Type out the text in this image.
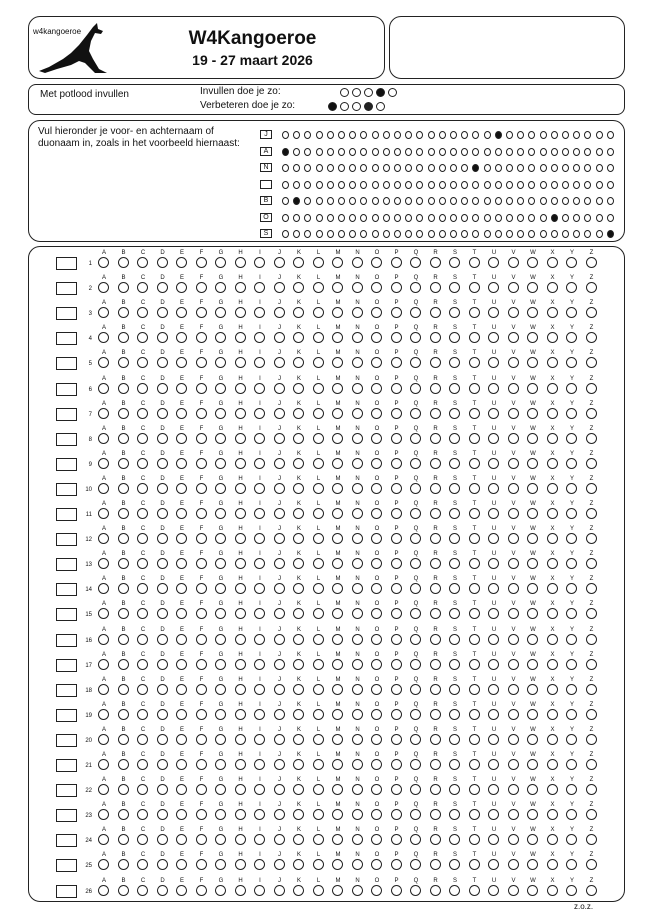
w4kangoeroe	W4Kangoeroe
19 - 27 maart 2026
Met potlood invullen	Invullen doe je zo:
Verbeteren doe je zo:
Vul hieronder je voor- en achternaam of duonaam in, zoals in het voorbeeld hiernaast:
J
A
N
B
O
S
1
A	B	C	D	E	F	G	H	I	J	K	L	M	N	O	P	Q	R	S	T	U	V	W	X	Y	Z
2
A	B	C	D	E	F	G	H	I	J	K	L	M	N	O	P	Q	R	S	T	U	V	W	X	Y	Z
3
A	B	C	D	E	F	G	H	I	J	K	L	M	N	O	P	Q	R	S	T	U	V	W	X	Y	Z
4
A	B	C	D	E	F	G	H	I	J	K	L	M	N	O	P	Q	R	S	T	U	V	W	X	Y	Z
5
A	B	C	D	E	F	G	H	I	J	K	L	M	N	O	P	Q	R	S	T	U	V	W	X	Y	Z
6
A	B	C	D	E	F	G	H	I	J	K	L	M	N	O	P	Q	R	S	T	U	V	W	X	Y	Z
7
A	B	C	D	E	F	G	H	I	J	K	L	M	N	O	P	Q	R	S	T	U	V	W	X	Y	Z
8
A	B	C	D	E	F	G	H	I	J	K	L	M	N	O	P	Q	R	S	T	U	V	W	X	Y	Z
9
A	B	C	D	E	F	G	H	I	J	K	L	M	N	O	P	Q	R	S	T	U	V	W	X	Y	Z
10
A	B	C	D	E	F	G	H	I	J	K	L	M	N	O	P	Q	R	S	T	U	V	W	X	Y	Z
11
A	B	C	D	E	F	G	H	I	J	K	L	M	N	O	P	Q	R	S	T	U	V	W	X	Y	Z
12
A	B	C	D	E	F	G	H	I	J	K	L	M	N	O	P	Q	R	S	T	U	V	W	X	Y	Z
13
A	B	C	D	E	F	G	H	I	J	K	L	M	N	O	P	Q	R	S	T	U	V	W	X	Y	Z
14
A	B	C	D	E	F	G	H	I	J	K	L	M	N	O	P	Q	R	S	T	U	V	W	X	Y	Z
15
A	B	C	D	E	F	G	H	I	J	K	L	M	N	O	P	Q	R	S	T	U	V	W	X	Y	Z
16
A	B	C	D	E	F	G	H	I	J	K	L	M	N	O	P	Q	R	S	T	U	V	W	X	Y	Z
17
A	B	C	D	E	F	G	H	I	J	K	L	M	N	O	P	Q	R	S	T	U	V	W	X	Y	Z
18
A	B	C	D	E	F	G	H	I	J	K	L	M	N	O	P	Q	R	S	T	U	V	W	X	Y	Z
19
A	B	C	D	E	F	G	H	I	J	K	L	M	N	O	P	Q	R	S	T	U	V	W	X	Y	Z
20
A	B	C	D	E	F	G	H	I	J	K	L	M	N	O	P	Q	R	S	T	U	V	W	X	Y	Z
21
A	B	C	D	E	F	G	H	I	J	K	L	M	N	O	P	Q	R	S	T	U	V	W	X	Y	Z
22
A	B	C	D	E	F	G	H	I	J	K	L	M	N	O	P	Q	R	S	T	U	V	W	X	Y	Z
23
A	B	C	D	E	F	G	H	I	J	K	L	M	N	O	P	Q	R	S	T	U	V	W	X	Y	Z
24
A	B	C	D	E	F	G	H	I	J	K	L	M	N	O	P	Q	R	S	T	U	V	W	X	Y	Z
25
A	B	C	D	E	F	G	H	I	J	K	L	M	N	O	P	Q	R	S	T	U	V	W	X	Y	Z
26
A	B	C	D	E	F	G	H	I	J	K	L	M	N	O	P	Q	R	S	T	U	V	W	X	Y	Z
z.o.z.
